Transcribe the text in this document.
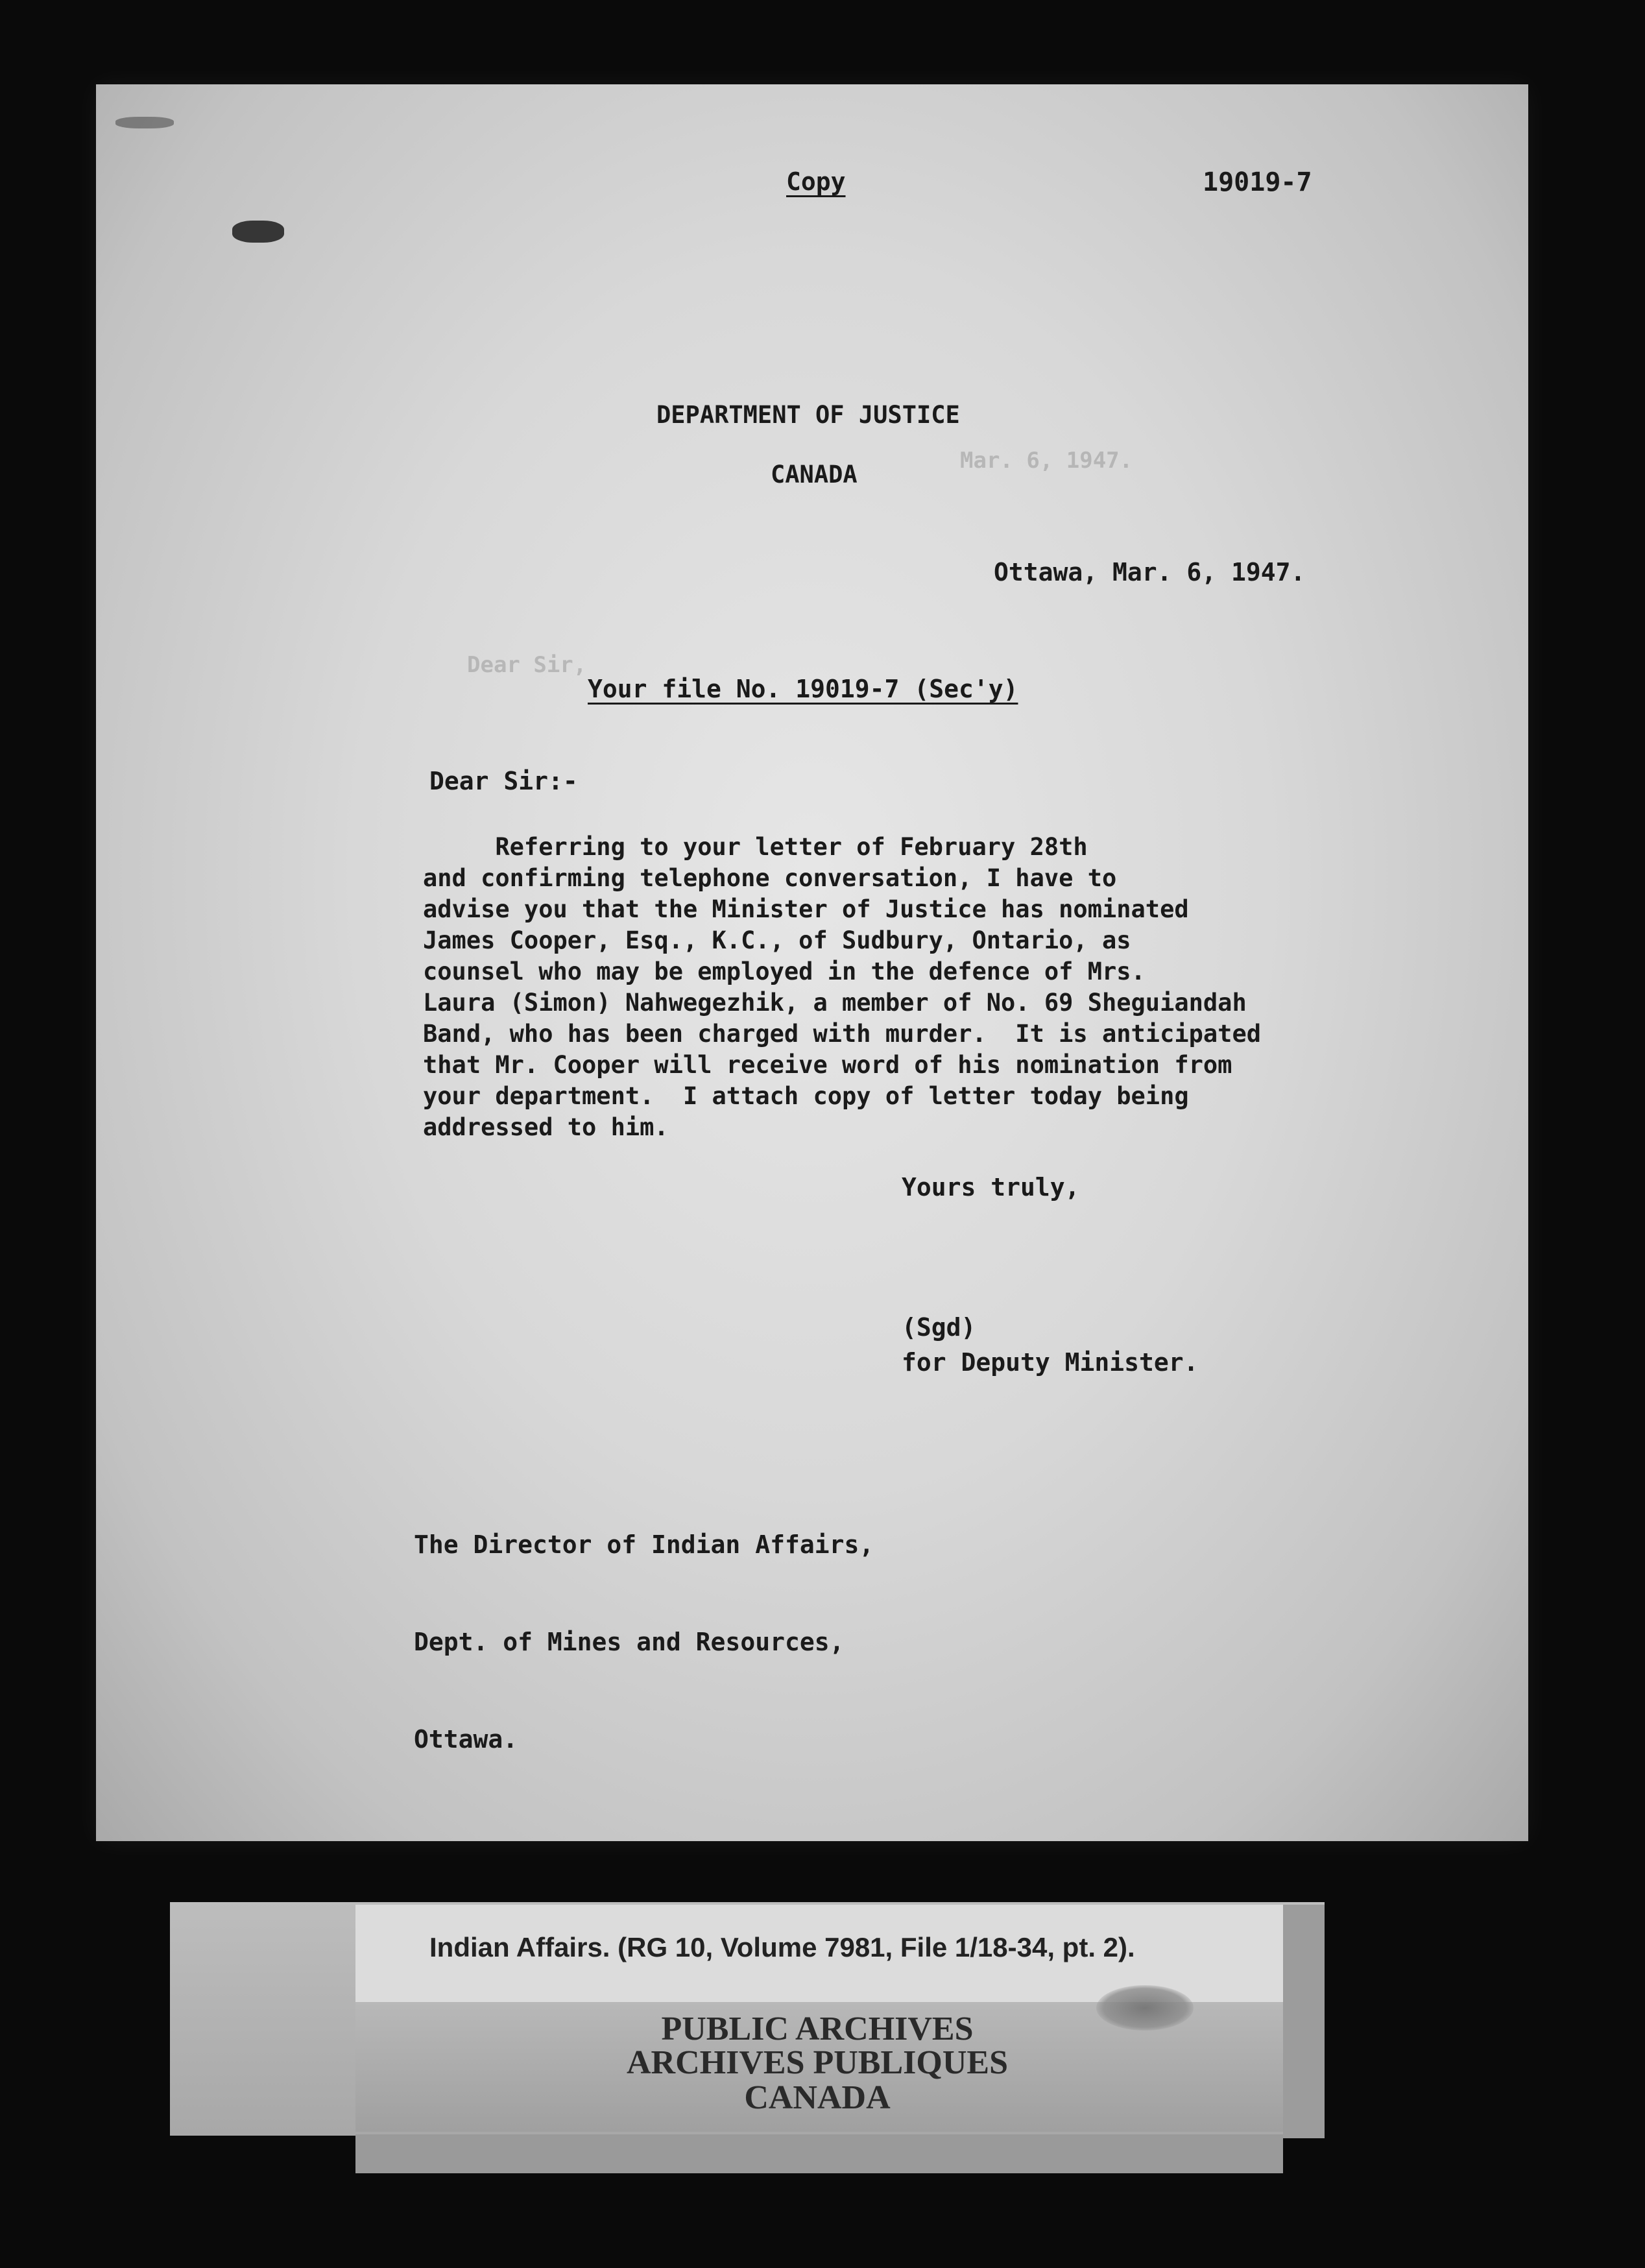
Mar. 6, 1947.
Dear Sir,
Copy	19019-7
DEPARTMENT OF JUSTICE
CANADA
Ottawa, Mar. 6, 1947.
Your file No. 19019-7 (Sec'y)
Dear Sir:-
Referring to your letter of February 28th
and confirming telephone conversation, I have to
advise you that the Minister of Justice has nominated
James Cooper, Esq., K.C., of Sudbury, Ontario, as
counsel who may be employed in the defence of Mrs.
Laura (Simon) Nahwegezhik, a member of No. 69 Sheguiandah
Band, who has been charged with murder.  It is anticipated
that Mr. Cooper will receive word of his nomination from
your department.  I attach copy of letter today being
addressed to him.
Yours truly,
(Sgd)
for Deputy Minister.

The Director of Indian Affairs,

Dept. of Mines and Resources,

Ottawa.

Indian Affairs. (RG 10, Volume 7981, File 1/18-34, pt. 2).
PUBLIC ARCHIVES
ARCHIVES PUBLIQUES
CANADA
